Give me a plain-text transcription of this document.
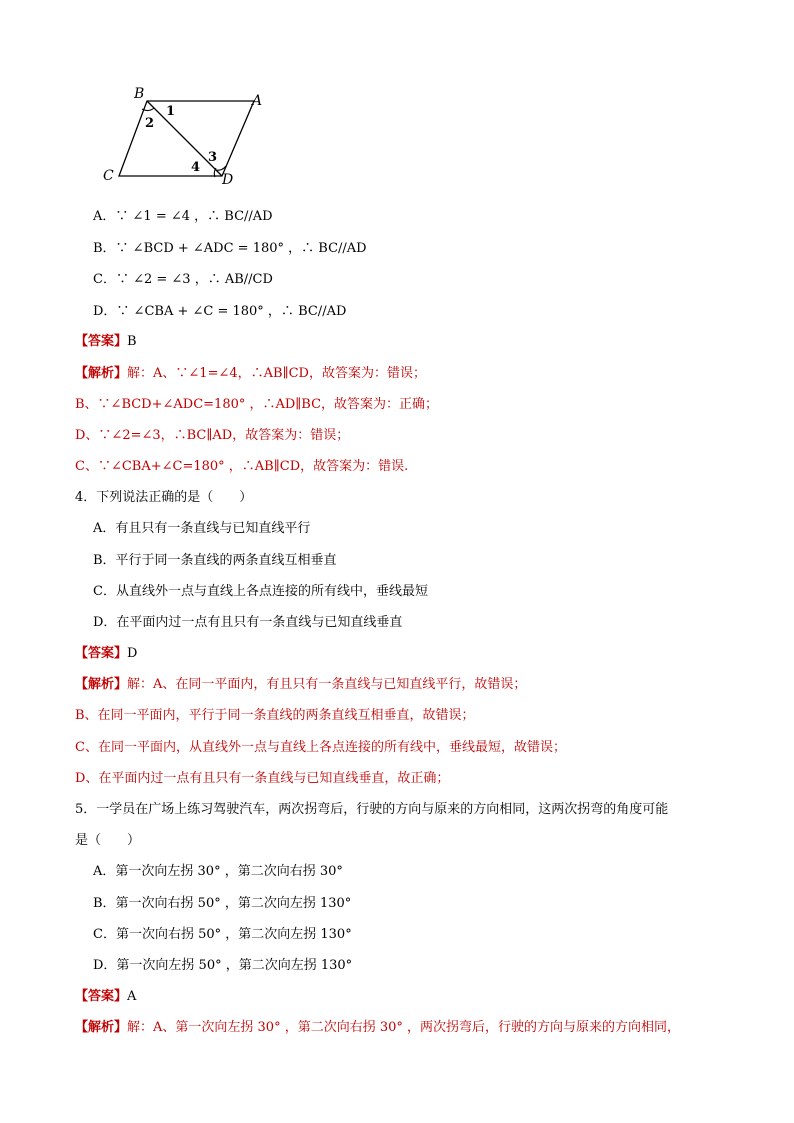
B	A
C	D
1
2
3
4
A．∵ ∠1 = ∠4 ，∴ BC//AD
B．∵ ∠BCD + ∠ADC = 180° ，∴ BC//AD
C．∵ ∠2 = ∠3 ，∴ AB//CD
D．∵ ∠CBA + ∠C = 180° ，∴ BC//AD
【答案】B
【解析】解：A、∵∠1=∠4，∴AB∥CD，故答案为：错误；
B、∵∠BCD+∠ADC=180° ，∴AD∥BC，故答案为：正确；
D、∵∠2=∠3，∴BC∥AD，故答案为：错误；
C、∵∠CBA+∠C=180° ，∴AB∥CD，故答案为：错误.
4．下列说法正确的是（　　）
A．有且只有一条直线与已知直线平行
B．平行于同一条直线的两条直线互相垂直
C．从直线外一点与直线上各点连接的所有线中，垂线最短
D．在平面内过一点有且只有一条直线与已知直线垂直
【答案】D
【解析】解：A、在同一平面内，有且只有一条直线与已知直线平行，故错误；
B、在同一平面内，平行于同一条直线的两条直线互相垂直，故错误；
C、在同一平面内，从直线外一点与直线上各点连接的所有线中，垂线最短，故错误；
D、在平面内过一点有且只有一条直线与已知直线垂直，故正确；
5．一学员在广场上练习驾驶汽车，两次拐弯后，行驶的方向与原来的方向相同，这两次拐弯的角度可能
是（　　）
A．第一次向左拐 30° ，第二次向右拐 30°
B．第一次向右拐 50° ，第二次向左拐 130°
C．第一次向右拐 50° ，第二次向左拐 130°
D．第一次向左拐 50° ，第二次向左拐 130°
【答案】A
【解析】解：A、第一次向左拐 30° ，第二次向右拐 30° ，两次拐弯后，行驶的方向与原来的方向相同，
